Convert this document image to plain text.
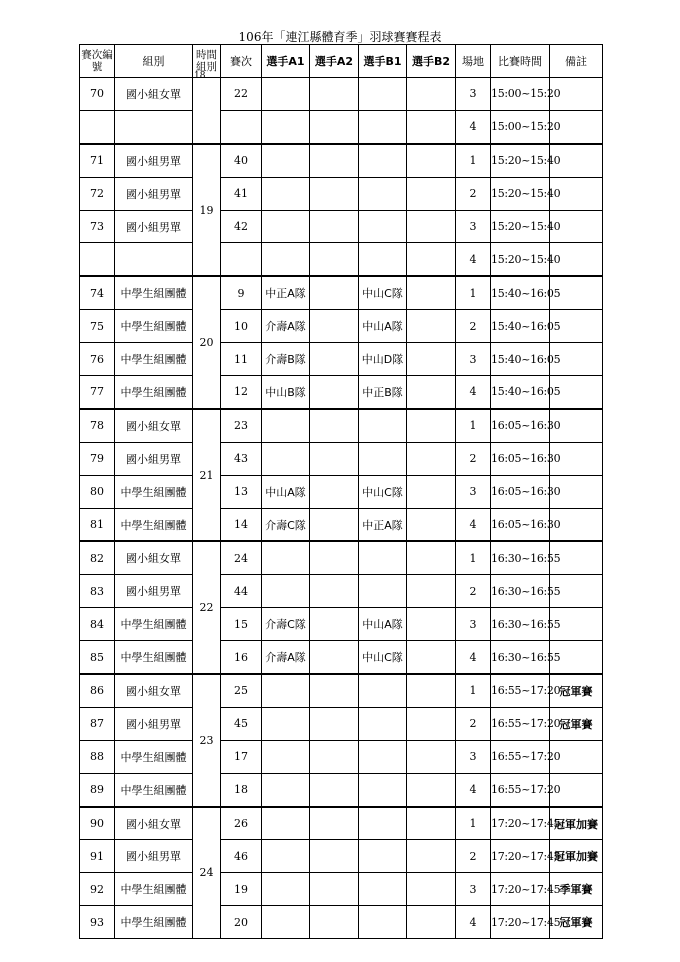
106年「連江縣體育季」羽球賽賽程表
賽次編號	組別	時間組別	賽次	選手A1	選手A2	選手B1	選手B2	場地	比賽時間	備註
70	國小組女單		22					3	15:00~15:20	
								4	15:00~15:20	
71	國小組男單	19	40					1	15:20~15:40	
72	國小組男單		41					2	15:20~15:40	
73	國小組男單		42					3	15:20~15:40	
								4	15:20~15:40	
74	中學生組團體	20	9	中正A隊		中山C隊		1	15:40~16:05	
75	中學生組團體		10	介壽A隊		中山A隊		2	15:40~16:05	
76	中學生組團體		11	介壽B隊		中山D隊		3	15:40~16:05	
77	中學生組團體		12	中山B隊		中正B隊		4	15:40~16:05	
78	國小組女單	21	23					1	16:05~16:30	
79	國小組男單		43					2	16:05~16:30	
80	中學生組團體		13	中山A隊		中山C隊		3	16:05~16:30	
81	中學生組團體		14	介壽C隊		中正A隊		4	16:05~16:30	
82	國小組女單	22	24					1	16:30~16:55	
83	國小組男單		44					2	16:30~16:55	
84	中學生組團體		15	介壽C隊		中山A隊		3	16:30~16:55	
85	中學生組團體		16	介壽A隊		中山C隊		4	16:30~16:55	
86	國小組女單	23	25					1	16:55~17:20	冠軍賽
87	國小組男單		45					2	16:55~17:20	冠軍賽
88	中學生組團體		17					3	16:55~17:20	
89	中學生組團體		18					4	16:55~17:20	
90	國小組女單	24	26					1	17:20~17:45	冠軍加賽
91	國小組男單		46					2	17:20~17:45	冠軍加賽
92	中學生組團體		19					3	17:20~17:45	季軍賽
93	中學生組團體		20					4	17:20~17:45	冠軍賽
18
